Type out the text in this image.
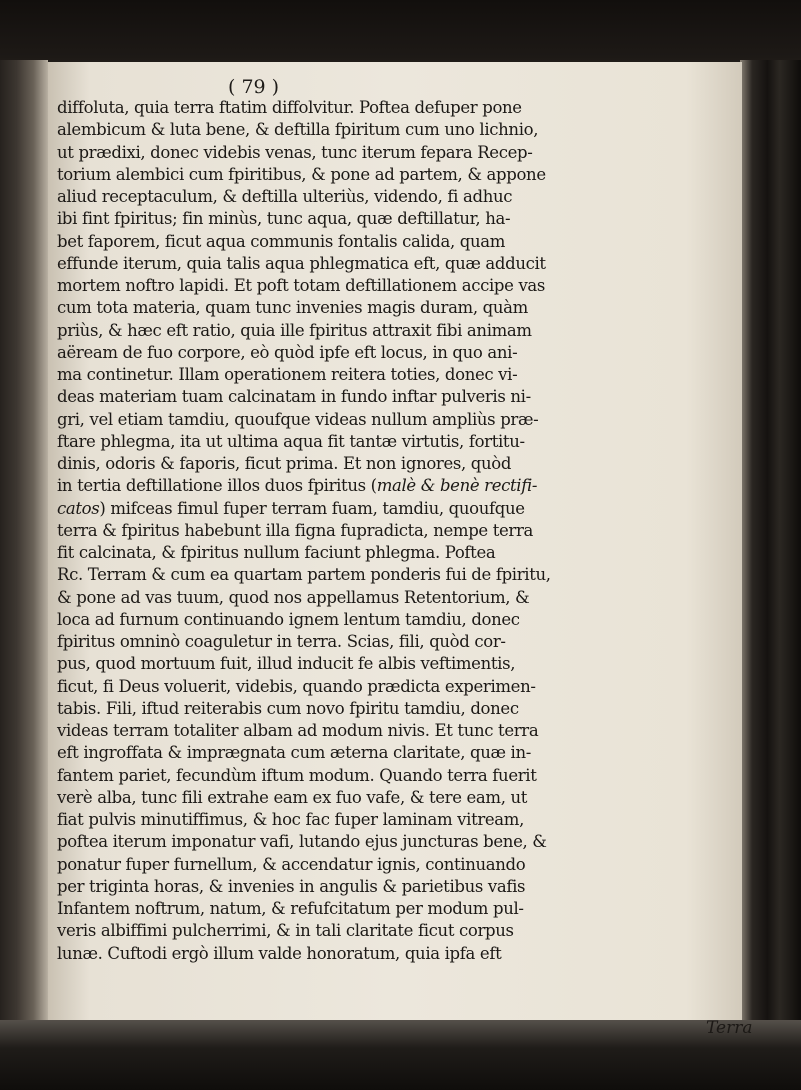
( 79 )
diffoluta, quia terra ftatim diffolvitur. Poftea defuper pone
alembicum & luta bene, & deftilla fpiritum cum uno lichnio,
ut prædixi, donec videbis venas, tunc iterum fepara Recep-
torium alembici cum fpiritibus, & pone ad partem, & appone
aliud receptaculum, & deftilla ulteriùs, videndo, fi adhuc
ibi fint fpiritus; fin minùs, tunc aqua, quæ deftillatur, ha-
bet faporem, ficut aqua communis fontalis calida, quam
effunde iterum, quia talis aqua phlegmatica eft, quæ adducit
mortem noftro lapidi. Et poft totam deftillationem accipe vas
cum tota materia, quam tunc invenies magis duram, quàm
priùs, & hæc eft ratio, quia ille fpiritus attraxit fibi animam
aëream de fuo corpore, eò quòd ipfe eft locus, in quo ani-
ma continetur. Illam operationem reitera toties, donec vi-
deas materiam tuam calcinatam in fundo inftar pulveris ni-
gri, vel etiam tamdiu, quoufque videas nullum ampliùs præ-
ftare phlegma, ita ut ultima aqua fit tantæ virtutis, fortitu-
dinis, odoris & faporis, ficut prima. Et non ignores, quòd
in tertia deftillatione illos duos fpiritus (malè & benè rectifi-
catos) mifceas fimul fuper terram fuam, tamdiu, quoufque
terra & fpiritus habebunt illa figna fupradicta, nempe terra
fit calcinata, & fpiritus nullum faciunt phlegma. Poftea
Rc. Terram & cum ea quartam partem ponderis fui de fpiritu,
& pone ad vas tuum, quod nos appellamus Retentorium, &
loca ad furnum continuando ignem lentum tamdiu, donec
fpiritus omninò coaguletur in terra. Scias, fili, quòd cor-
pus, quod mortuum fuit, illud inducit fe albis veftimentis,
ficut, fi Deus voluerit, videbis, quando prædicta experimen-
tabis. Fili, iftud reiterabis cum novo fpiritu tamdiu, donec
videas terram totaliter albam ad modum nivis. Et tunc terra
eft ingroffata & imprægnata cum æterna claritate, quæ in-
fantem pariet, fecundùm iftum modum. Quando terra fuerit
verè alba, tunc fili extrahe eam ex fuo vafe, & tere eam, ut
fiat pulvis minutiffimus, & hoc fac fuper laminam vitream,
poftea iterum imponatur vafi, lutando ejus juncturas bene, &
ponatur fuper furnellum, & accendatur ignis, continuando
per triginta horas, & invenies in angulis & parietibus vafis
Infantem noftrum, natum, & refufcitatum per modum pul-
veris albiffimi pulcherrimi, & in tali claritate ficut corpus
lunæ. Cuftodi ergò illum valde honoratum, quia ipfa eft
Terra
